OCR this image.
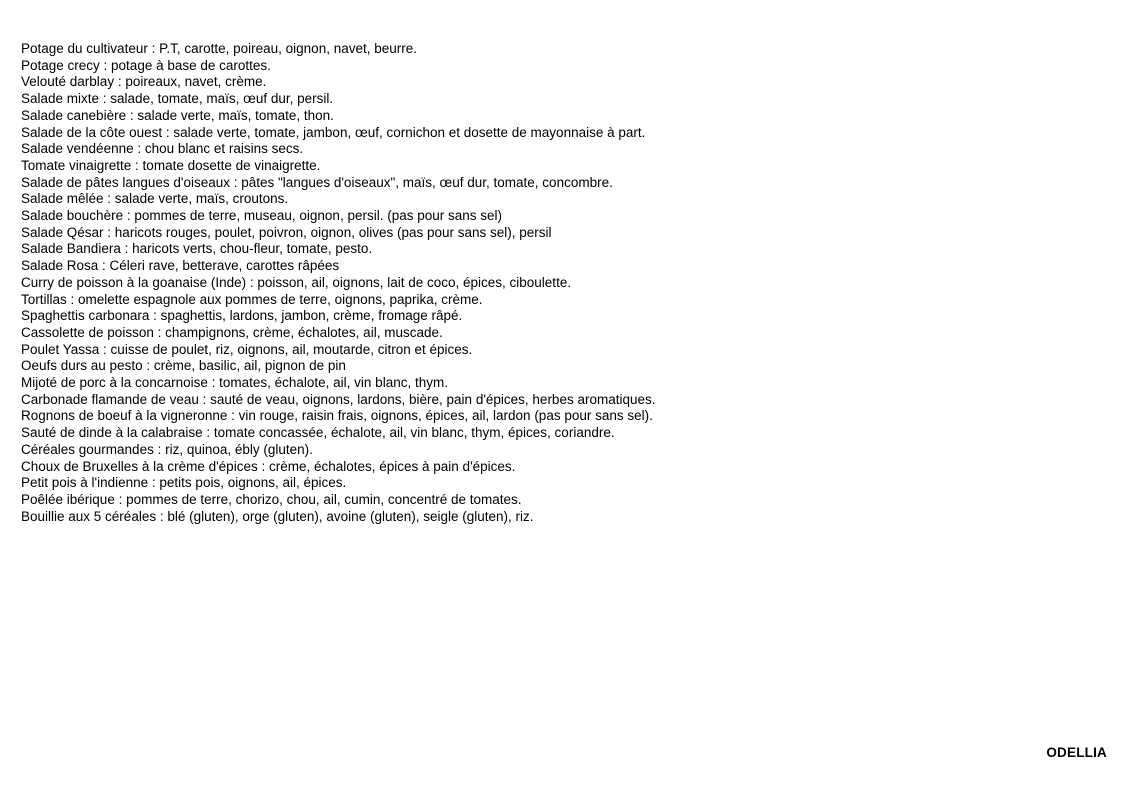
Potage du cultivateur : P.T, carotte, poireau, oignon, navet, beurre.
Potage crecy : potage à base de carottes.
Velouté darblay : poireaux, navet, crème.
Salade mixte : salade, tomate, maïs, œuf dur, persil.
Salade canebière : salade verte, maïs, tomate, thon.
Salade de la côte ouest : salade verte, tomate, jambon, œuf, cornichon et dosette de mayonnaise à part.
Salade vendéenne : chou blanc et raisins secs.
Tomate vinaigrette : tomate dosette de vinaigrette.
Salade de pâtes langues d'oiseaux : pâtes "langues d'oiseaux", maïs, œuf dur, tomate, concombre.
Salade mêlée : salade verte, maïs, croutons.
Salade bouchère : pommes de terre, museau, oignon, persil. (pas pour sans sel)
Salade Qésar : haricots rouges, poulet, poivron, oignon, olives (pas pour sans sel), persil
Salade Bandiera : haricots verts, chou-fleur, tomate, pesto.
Salade Rosa : Céleri rave, betterave, carottes râpées
Curry de poisson à la goanaise (Inde) : poisson, ail, oignons, lait de coco, épices, ciboulette.
Tortillas : omelette espagnole aux pommes de terre, oignons, paprika, crème.
Spaghettis carbonara : spaghettis, lardons, jambon, crème, fromage râpé.
Cassolette de poisson : champignons, crème, échalotes, ail, muscade.
Poulet Yassa : cuisse de poulet, riz, oignons, ail, moutarde, citron et épices.
Oeufs durs au pesto : crème, basilic, ail, pignon de pin
Mijoté de porc à la concarnoise : tomates, échalote, ail, vin blanc, thym.
Carbonade flamande de veau : sauté de veau, oignons, lardons, bière, pain d'épices, herbes aromatiques.
Rognons de boeuf à la vigneronne : vin rouge, raisin frais, oignons, épices, ail, lardon (pas pour sans sel).
Sauté de dinde à la calabraise : tomate concassée, échalote, ail, vin blanc, thym, épices, coriandre.
Céréales gourmandes : riz, quinoa, ébly (gluten).
Choux de Bruxelles à la crème d'épices : crème, échalotes, épices à pain d'épices.
Petit pois à l'indienne : petits pois, oignons, ail, épices.
Poêlée ibérique : pommes de terre, chorizo, chou, ail, cumin, concentré de tomates.
Bouillie aux 5 céréales : blé (gluten), orge (gluten), avoine (gluten), seigle (gluten), riz.
ODELLIA
